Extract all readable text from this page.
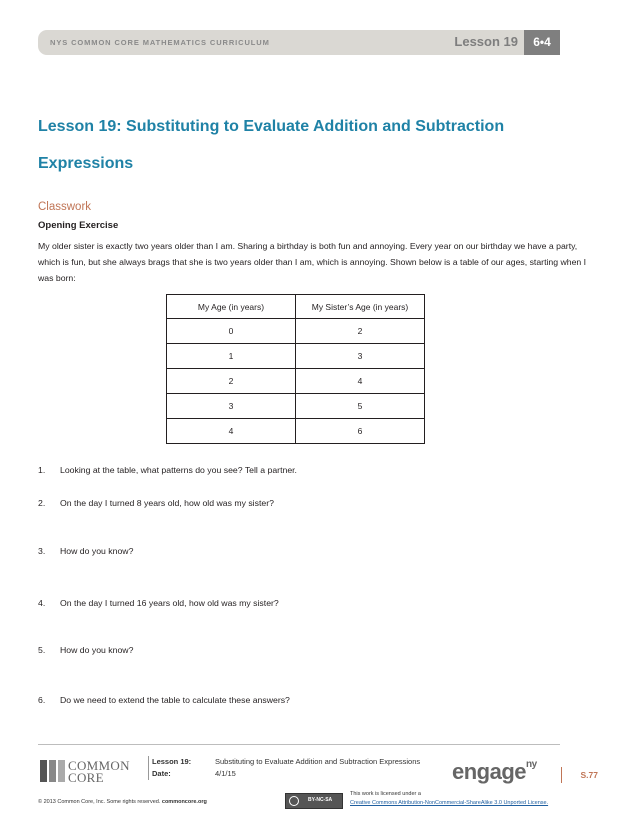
NYS COMMON CORE MATHEMATICS CURRICULUM	Lesson 19	6•4
Lesson 19: Substituting to Evaluate Addition and Subtraction
Expressions
Classwork
Opening Exercise
My older sister is exactly two years older than I am. Sharing a birthday is both fun and annoying. Every year on our birthday we have a party, which is fun, but she always brags that she is two years older than I am, which is annoying. Shown below is a table of our ages, starting when I was born:
My Age (in years)	My Sister’s Age (in years)
0	2
1	3
2	4
3	5
4	6
1. Looking at the table, what patterns do you see? Tell a partner.
2. On the day I turned 8 years old, how old was my sister?
3. How do you know?
4. On the day I turned 16 years old, how old was my sister?
5. How do you know?
6. Do we need to extend the table to calculate these answers?
COMMON
CORE
Lesson 19:	Substituting to Evaluate Addition and Subtraction Expressions
Date:	4/1/15	engage$^{ny}$
S.77
© 2013 Common Core, Inc. Some rights reserved. commoncore.org	BY-NC-SA
This work is licensed under a
Creative Commons Attribution-NonCommercial-ShareAlike 3.0 Unported License.
